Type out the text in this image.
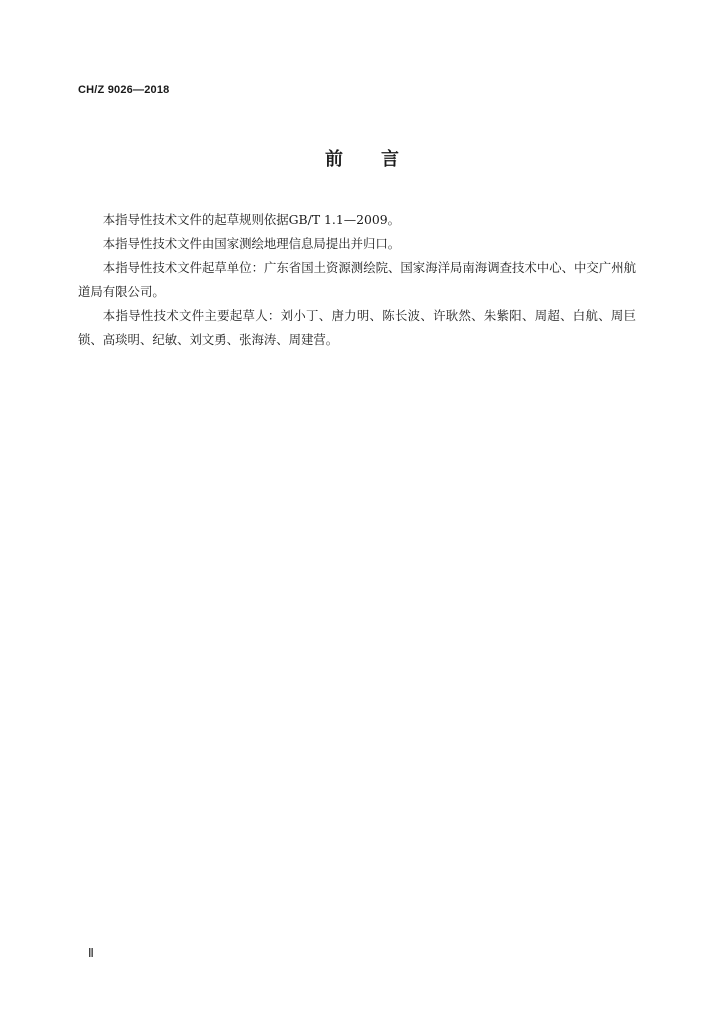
CH/Z 9026—2018
前 言

本指导性技术文件的起草规则依据GB/T 1.1—2009。

本指导性技术文件由国家测绘地理信息局提出并归口。

本指导性技术文件起草单位：广东省国土资源测绘院、国家海洋局南海调查技术中心、中交广州航道局有限公司。

本指导性技术文件主要起草人：刘小丁、唐力明、陈长波、许耿然、朱紫阳、周超、白航、周巨锁、高琰明、纪敏、刘文勇、张海涛、周建营。

Ⅱ
